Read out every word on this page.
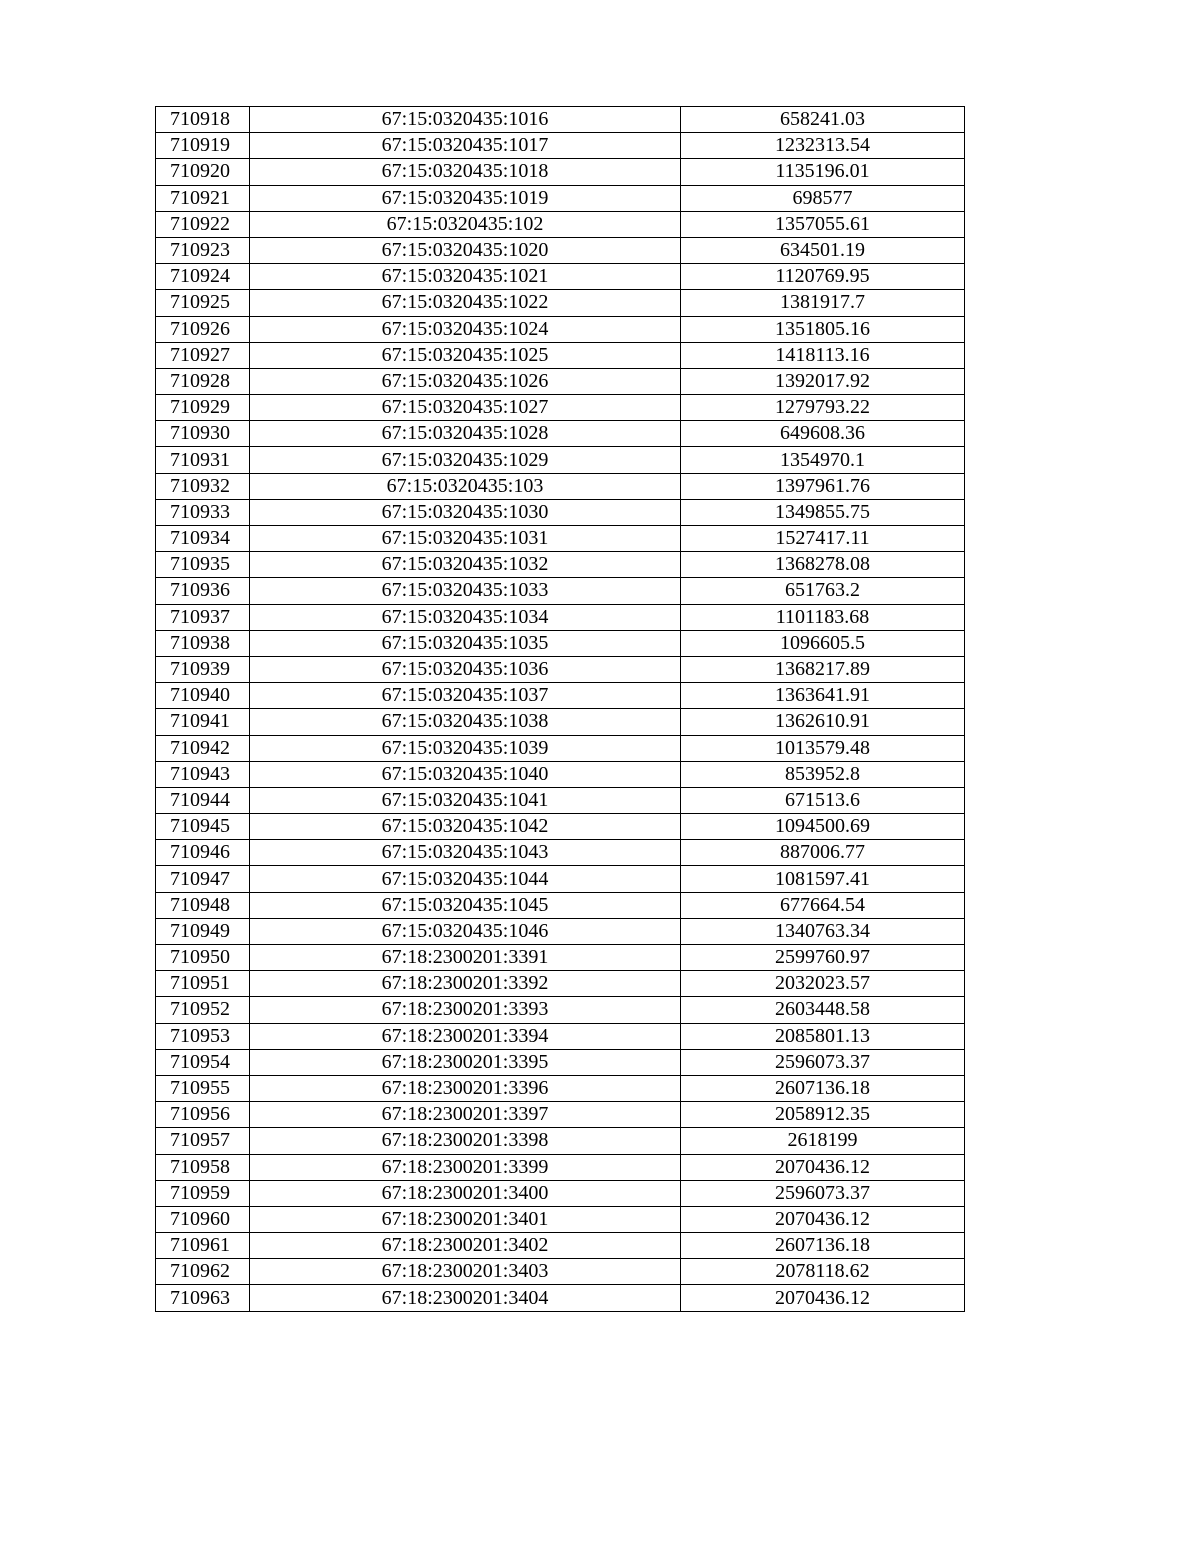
710918	67:15:0320435:1016	658241.03
710919	67:15:0320435:1017	1232313.54
710920	67:15:0320435:1018	1135196.01
710921	67:15:0320435:1019	698577
710922	67:15:0320435:102	1357055.61
710923	67:15:0320435:1020	634501.19
710924	67:15:0320435:1021	1120769.95
710925	67:15:0320435:1022	1381917.7
710926	67:15:0320435:1024	1351805.16
710927	67:15:0320435:1025	1418113.16
710928	67:15:0320435:1026	1392017.92
710929	67:15:0320435:1027	1279793.22
710930	67:15:0320435:1028	649608.36
710931	67:15:0320435:1029	1354970.1
710932	67:15:0320435:103	1397961.76
710933	67:15:0320435:1030	1349855.75
710934	67:15:0320435:1031	1527417.11
710935	67:15:0320435:1032	1368278.08
710936	67:15:0320435:1033	651763.2
710937	67:15:0320435:1034	1101183.68
710938	67:15:0320435:1035	1096605.5
710939	67:15:0320435:1036	1368217.89
710940	67:15:0320435:1037	1363641.91
710941	67:15:0320435:1038	1362610.91
710942	67:15:0320435:1039	1013579.48
710943	67:15:0320435:1040	853952.8
710944	67:15:0320435:1041	671513.6
710945	67:15:0320435:1042	1094500.69
710946	67:15:0320435:1043	887006.77
710947	67:15:0320435:1044	1081597.41
710948	67:15:0320435:1045	677664.54
710949	67:15:0320435:1046	1340763.34
710950	67:18:2300201:3391	2599760.97
710951	67:18:2300201:3392	2032023.57
710952	67:18:2300201:3393	2603448.58
710953	67:18:2300201:3394	2085801.13
710954	67:18:2300201:3395	2596073.37
710955	67:18:2300201:3396	2607136.18
710956	67:18:2300201:3397	2058912.35
710957	67:18:2300201:3398	2618199
710958	67:18:2300201:3399	2070436.12
710959	67:18:2300201:3400	2596073.37
710960	67:18:2300201:3401	2070436.12
710961	67:18:2300201:3402	2607136.18
710962	67:18:2300201:3403	2078118.62
710963	67:18:2300201:3404	2070436.12
